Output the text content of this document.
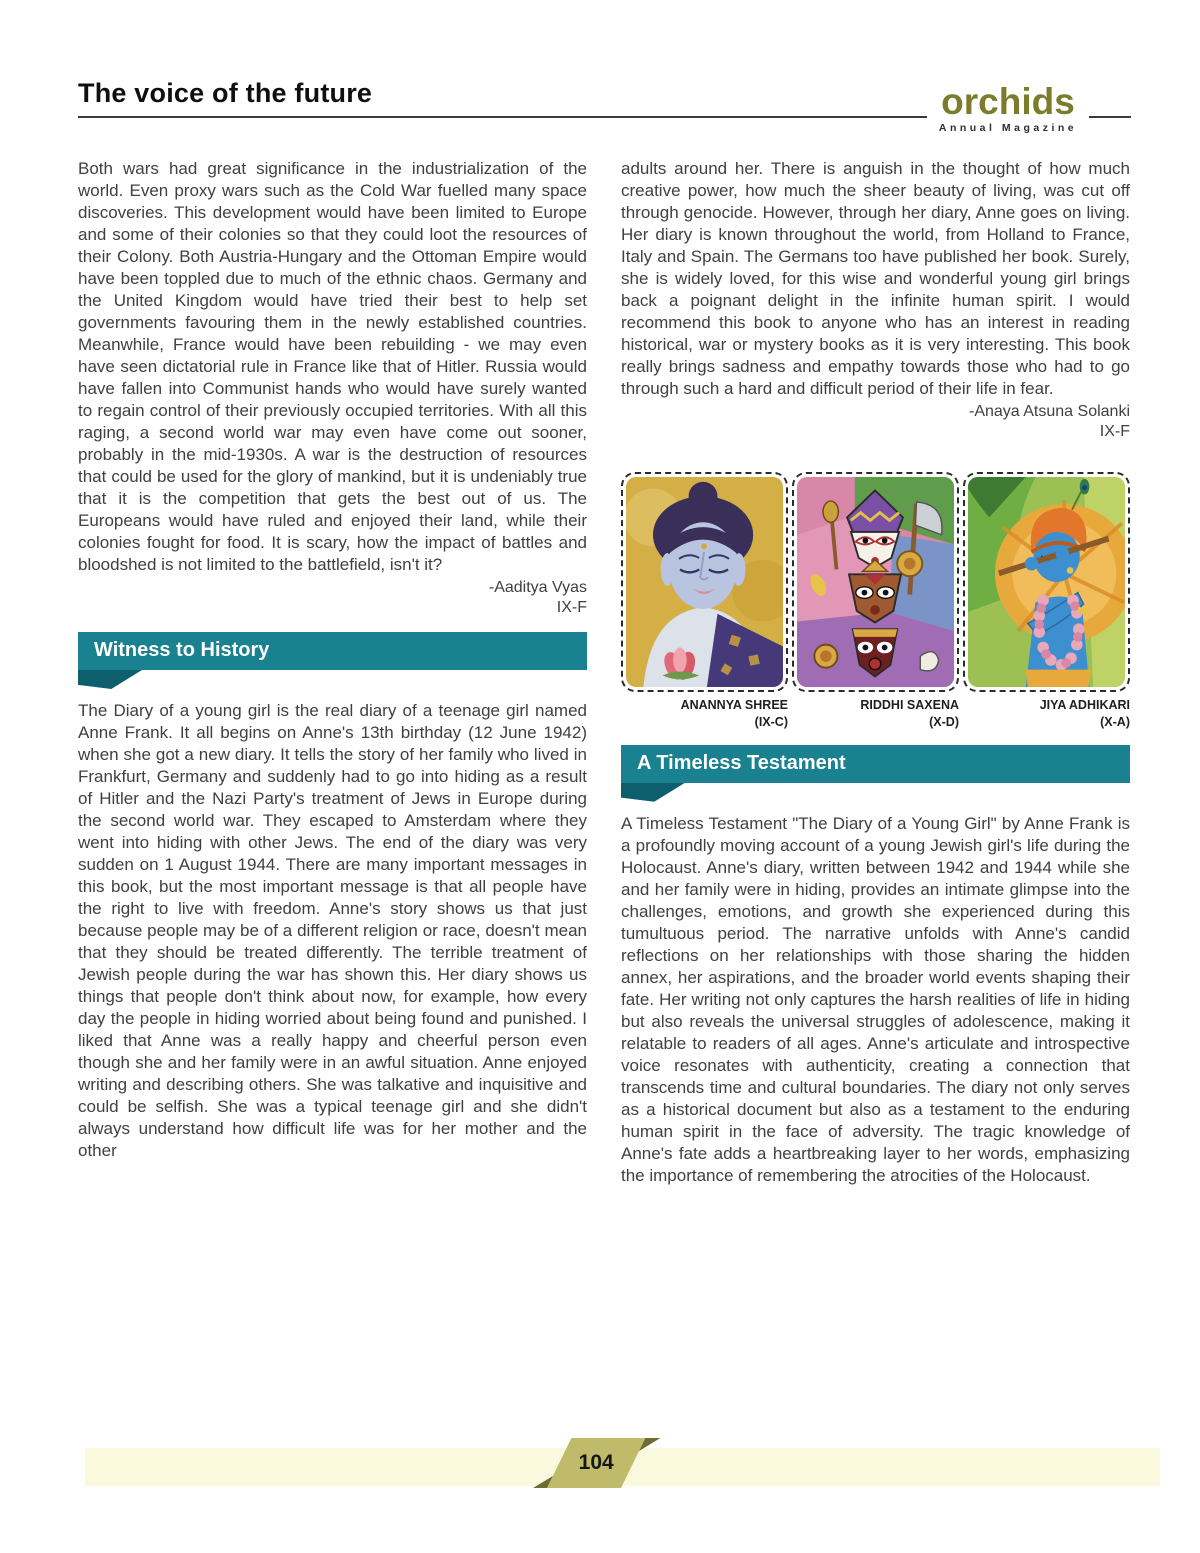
The voice of the future	orchids
Annual Magazine

Both wars had great significance in the industrialization of the world. Even proxy wars such as the Cold War fuelled many space discoveries. This development would have been limited to Europe and some of their colonies so that they could loot the resources of their Colony. Both Austria-Hungary and the Ottoman Empire would have been toppled due to much of the ethnic chaos. Germany and the United Kingdom would have tried their best to help set governments favouring them in the newly established countries. Meanwhile, France would have been rebuilding - we may even have seen dictatorial rule in France like that of Hitler. Russia would have fallen into Communist hands who would have surely wanted to regain control of their previously occupied territories. With all this raging, a second world war may even have come out sooner, probably in the mid-1930s. A war is the destruction of resources that could be used for the glory of mankind, but it is undeniably true that it is the competition that gets the best out of us. The Europeans would have ruled and enjoyed their land, while their colonies fought for food. It is scary, how the impact of battles and bloodshed is not limited to the battlefield, isn't it?

-Aaditya Vyas
IX-F
Witness to History

The Diary of a young girl is the real diary of a teenage girl named Anne Frank. It all begins on Anne's 13th birthday (12 June 1942) when she got a new diary. It tells the story of her family who lived in Frankfurt, Germany and suddenly had to go into hiding as a result of Hitler and the Nazi Party's treatment of Jews in Europe during the second world war. They escaped to Amsterdam where they went into hiding with other Jews. The end of the diary was very sudden on 1 August 1944. There are many important messages in this book, but the most important message is that all people have the right to live with freedom. Anne's story shows us that just because people may be of a different religion or race, doesn't mean that they should be treated differently. The terrible treatment of Jewish people during the war has shown this. Her diary shows us things that people don't think about now, for example, how every day the people in hiding worried about being found and punished. I liked that Anne was a really happy and cheerful person even though she and her family were in an awful situation. Anne enjoyed writing and describing others. She was talkative and inquisitive and could be selfish. She was a typical teenage girl and she didn't always understand how difficult life was for her mother and the other

adults around her. There is anguish in the thought of how much creative power, how much the sheer beauty of living, was cut off through genocide. However, through her diary, Anne goes on living. Her diary is known throughout the world, from Holland to France, Italy and Spain. The Germans too have published her book. Surely, she is widely loved, for this wise and wonderful young girl brings back a poignant delight in the infinite human spirit. I would recommend this book to anyone who has an interest in reading historical, war or mystery books as it is very interesting. This book really brings sadness and empathy towards those who had to go through such a hard and difficult period of their life in fear.

-Anaya Atsuna Solanki
IX-F
ANANNYA SHREE
(IX-C)
RIDDHI SAXENA
(X-D)
JIYA ADHIKARI
(X-A)
A Timeless Testament

A Timeless Testament "The Diary of a Young Girl" by Anne Frank is a profoundly moving account of a young Jewish girl's life during the Holocaust. Anne's diary, written between 1942 and 1944 while she and her family were in hiding, provides an intimate glimpse into the challenges, emotions, and growth she experienced during this tumultuous period. The narrative unfolds with Anne's candid reflections on her relationships with those sharing the hidden annex, her aspirations, and the broader world events shaping their fate. Her writing not only captures the harsh realities of life in hiding but also reveals the universal struggles of adolescence, making it relatable to readers of all ages. Anne's articulate and introspective voice resonates with authenticity, creating a connection that transcends time and cultural boundaries. The diary not only serves as a historical document but also as a testament to the enduring human spirit in the face of adversity. The tragic knowledge of Anne's fate adds a heartbreaking layer to her words, emphasizing the importance of remembering the atrocities of the Holocaust.

104
